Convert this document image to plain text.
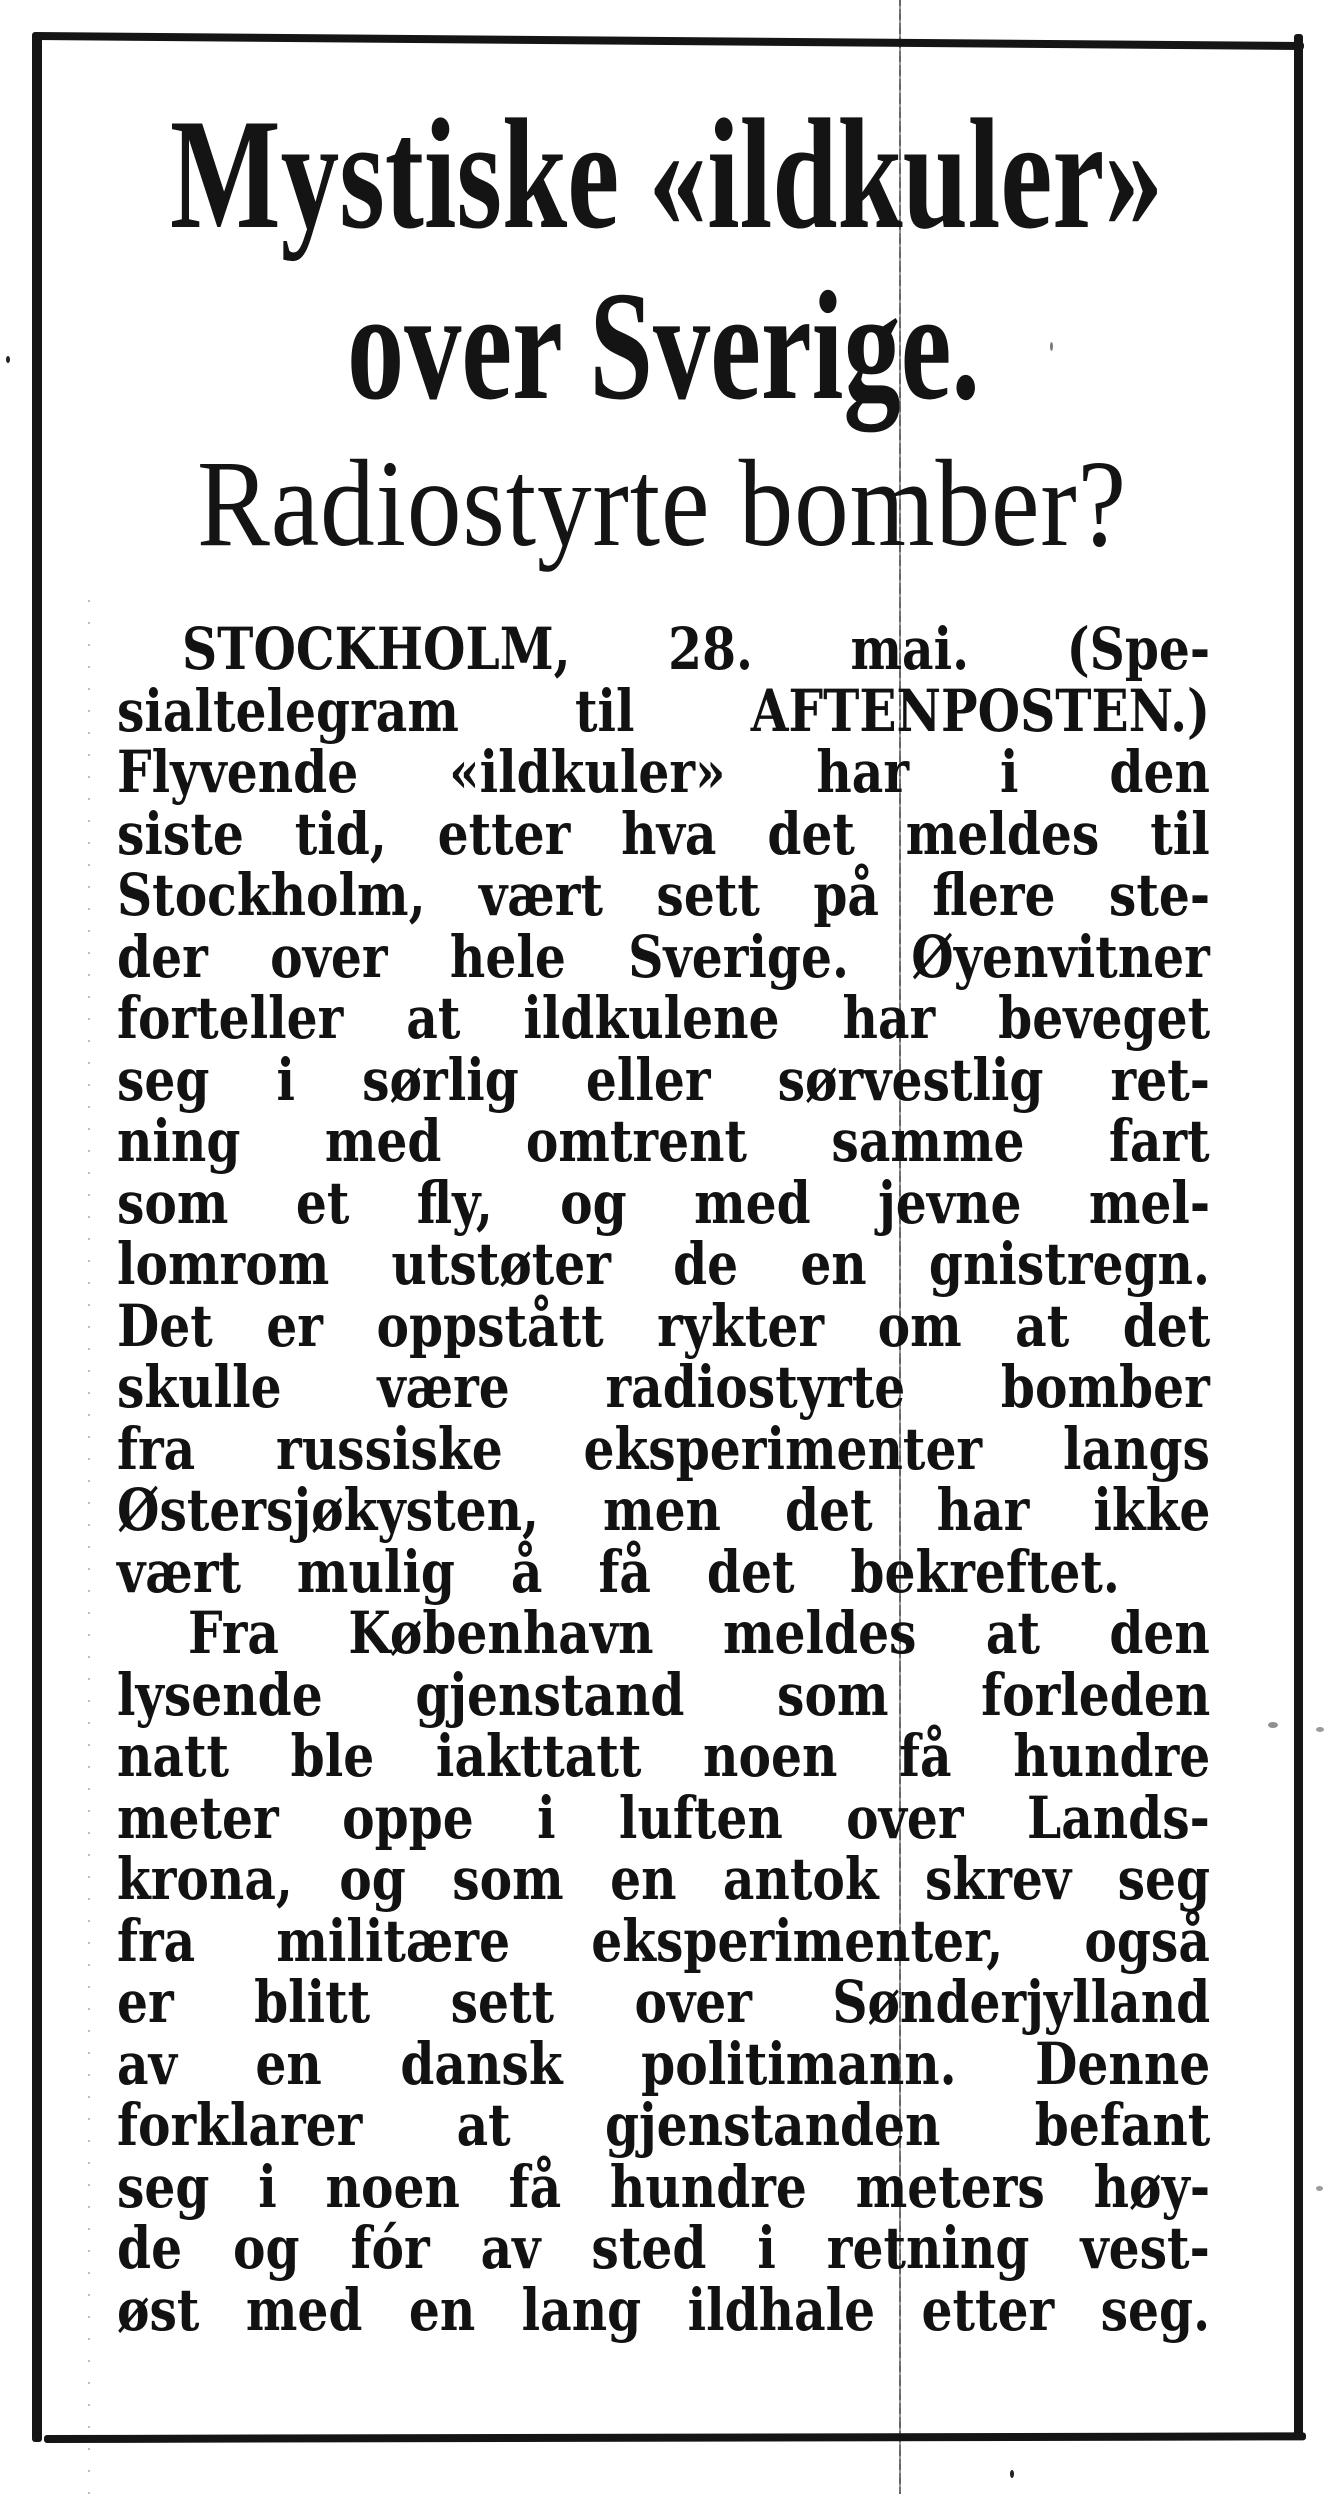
Mystiske «ildkuler»
over Sverige.
Radiostyrte bomber?
STOCKHOLM, 28. mai. (Spe-
sialtelegram til AFTENPOSTEN.)
Flyvende «ildkuler» har i den
siste tid, etter hva det meldes til
Stockholm, vært sett på flere ste-
der over hele Sverige. Øyenvitner
forteller at ildkulene har beveget
seg i sørlig eller sørvestlig ret-
ning med omtrent samme fart
som et fly, og med jevne mel-
lomrom utstøter de en gnistregn.
Det er oppstått rykter om at det
skulle være radiostyrte bomber
fra russiske eksperimenter langs
Østersjøkysten, men det har ikke
vært mulig å få det bekreftet.
Fra København meldes at den
lysende gjenstand som forleden
natt ble iakttatt noen få hundre
meter oppe i luften over Lands-
krona, og som en antok skrev seg
fra militære eksperimenter, også
er blitt sett over Sønderjylland
av en dansk politimann. Denne
forklarer at gjenstanden befant
seg i noen få hundre meters høy-
de og fór av sted i retning vest-
øst med en lang ildhale etter seg.
